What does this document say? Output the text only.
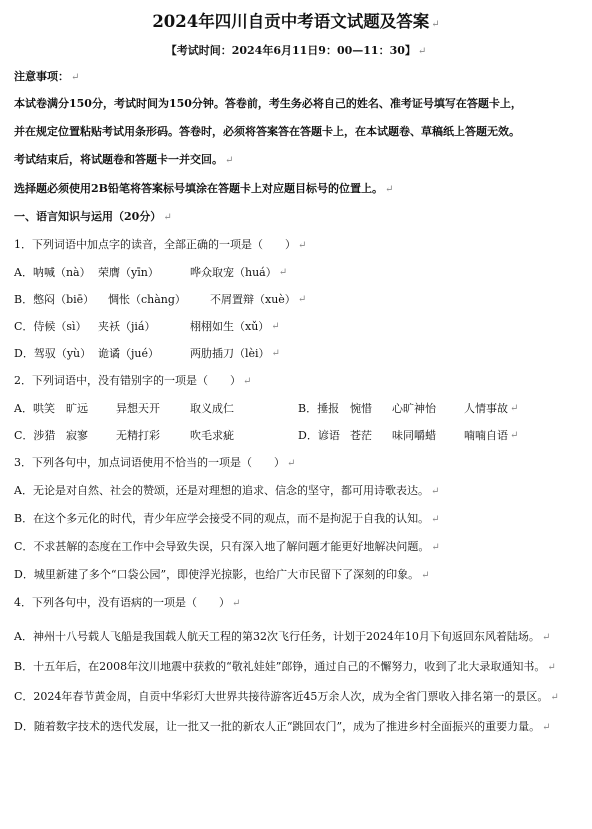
2024年四川自贡中考语文试题及答案 ↵
【考试时间：2024年6月11日9：00—11：30】 ↵
注意事项： ↵
本试卷满分150分，考试时间为150分钟。答卷前，考生务必将自己的姓名、准考证号填写在答题卡上，
并在规定位置粘贴考试用条形码。答卷时，必须将答案答在答题卡上，在本试题卷、草稿纸上答题无效。
考试结束后，将试题卷和答题卡一并交回。 ↵
选择题必须使用2B铅笔将答案标号填涂在答题卡上对应题目标号的位置上。 ↵
一、语言知识与运用（20分） ↵
1．下列词语中加点字的读音，全部正确的一项是（　　） ↵
A．呐喊（nà） 荣膺（yīn）	哗众取宠（huá） ↵
B．憋闷（biē）	惆怅（chàng）	不屑置辩（xuè） ↵
C．侍候（sì）	夹袄（jiá）	栩栩如生（xǔ） ↵
D．驾驭（yù） 诡谲（jué）	两肋插刀（lèi） ↵
2．下列词语中，没有错别字的一项是（　　） ↵
A．哄笑	旷远	异想天开	取义成仁	B．捶报 惋惜	心旷神怡	人情事故 ↵
C．涉猎 寂寥	无精打彩	吹毛求疵	D．谚语 苍茫	味同嚼蜡	喃喃自语 ↵
3．下列各句中，加点词语使用不恰当的一项是（　　） ↵
A．无论是对自然、社会的赞颂，还是对理想的追求、信念的坚守，都可用诗歌表达。 ↵
B．在这个多元化的时代，青少年应学会接受不同的观点，而不是拘泥于自我的认知。 ↵
C．不求甚解的态度在工作中会导致失误，只有深入地了解问题才能更好地解决问题。 ↵
D．城里新建了多个“口袋公园”，即使浮光掠影，也给广大市民留下了深刻的印象。 ↵
4．下列各句中，没有语病的一项是（　　） ↵
A．神州十八号载人飞船是我国载人航天工程的第32次飞行任务，计划于2024年10月下旬返回东风着陆场。 ↵
B．十五年后，在2008年汶川地震中获救的“敬礼娃娃”郎铮，通过自己的不懈努力，收到了北大录取通知书。 ↵
C．2024年春节黄金周，自贡中华彩灯大世界共接待游客近45万余人次，成为全省门票收入排名第一的景区。 ↵
D．随着数字技术的迭代发展，让一批又一批的新农人正“跳回农门”，成为了推进乡村全面振兴的重要力量。 ↵
